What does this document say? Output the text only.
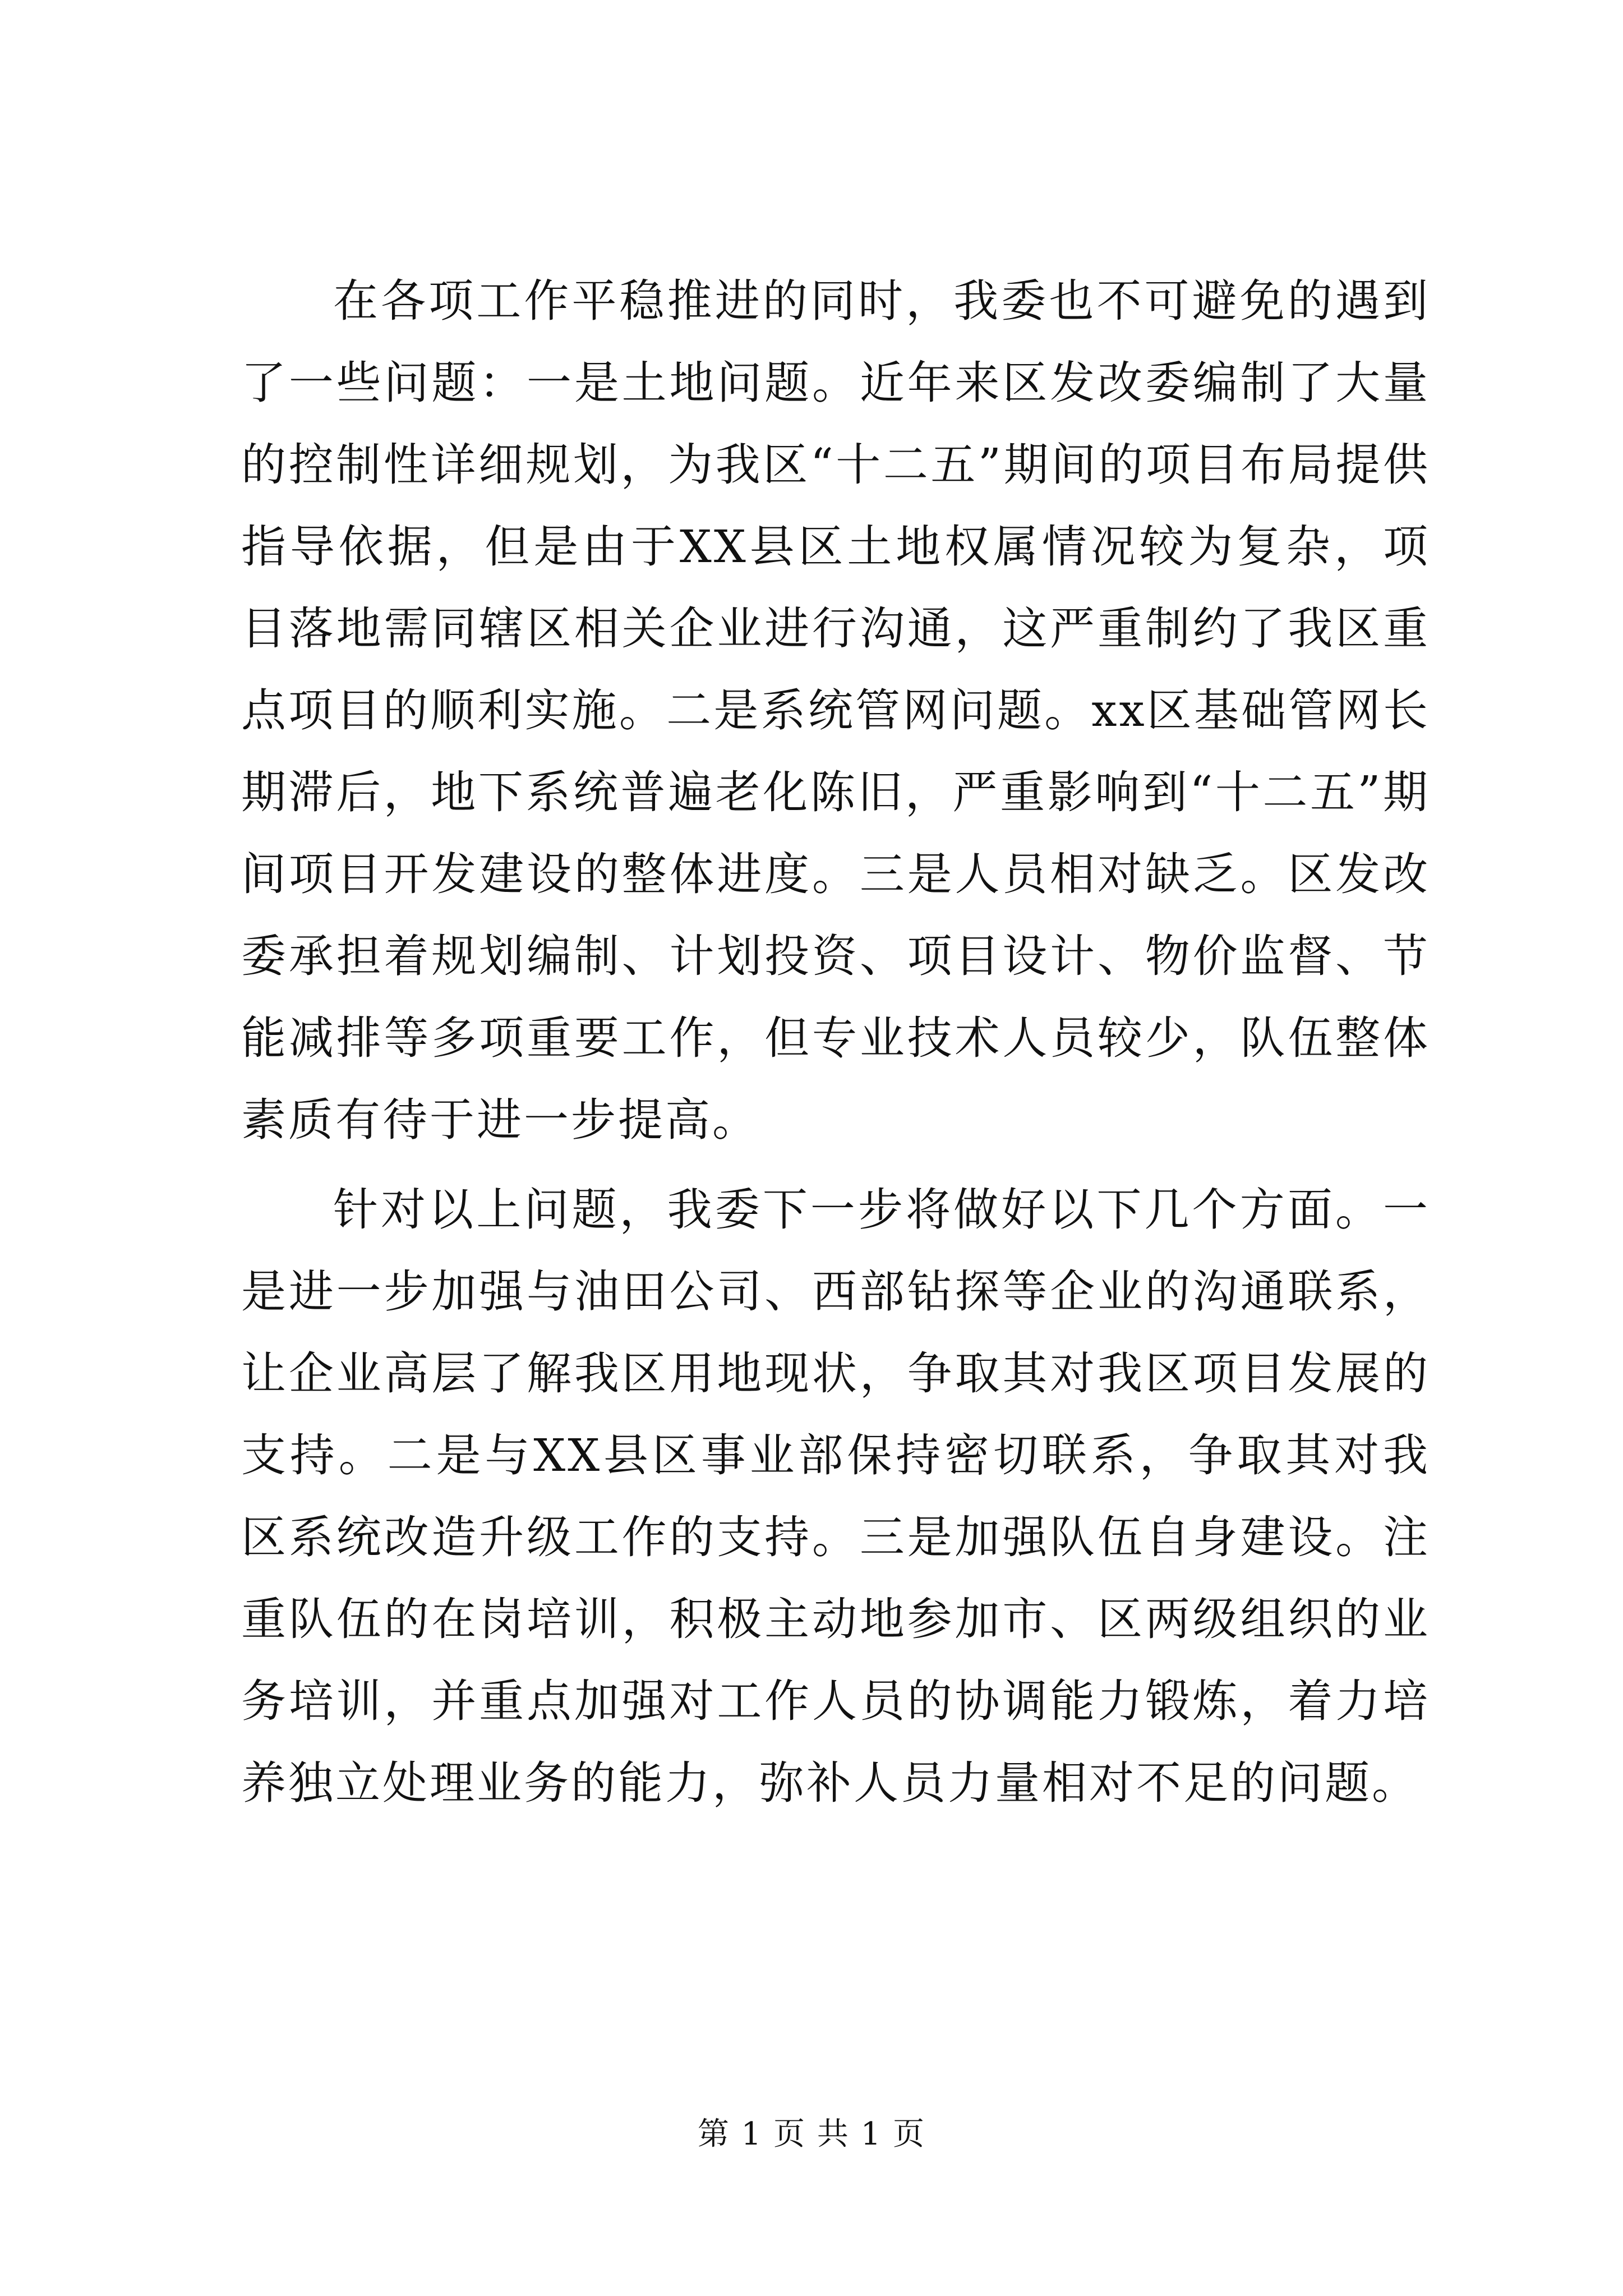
在各项工作平稳推进的同时，我委也不可避免的遇到了一些问题：一是土地问题。近年来区发改委编制了大量的控制性详细规划，为我区“十二五”期间的项目布局提供指导依据，但是由于XX县区土地权属情况较为复杂，项目落地需同辖区相关企业进行沟通，这严重制约了我区重点项目的顺利实施。二是系统管网问题。xx区基础管网长期滞后，地下系统普遍老化陈旧，严重影响到“十二五”期间项目开发建设的整体进度。三是人员相对缺乏。区发改委承担着规划编制、计划投资、项目设计、物价监督、节能减排等多项重要工作，但专业技术人员较少，队伍整体素质有待于进一步提高。

针对以上问题，我委下一步将做好以下几个方面。一是进一步加强与油田公司、西部钻探等企业的沟通联系，让企业高层了解我区用地现状，争取其对我区项目发展的支持。二是与XX县区事业部保持密切联系，争取其对我区系统改造升级工作的支持。三是加强队伍自身建设。注重队伍的在岗培训，积极主动地参加市、区两级组织的业务培训，并重点加强对工作人员的协调能力锻炼，着力培养独立处理业务的能力，弥补人员力量相对不足的问题。

第 1 页 共 1 页
